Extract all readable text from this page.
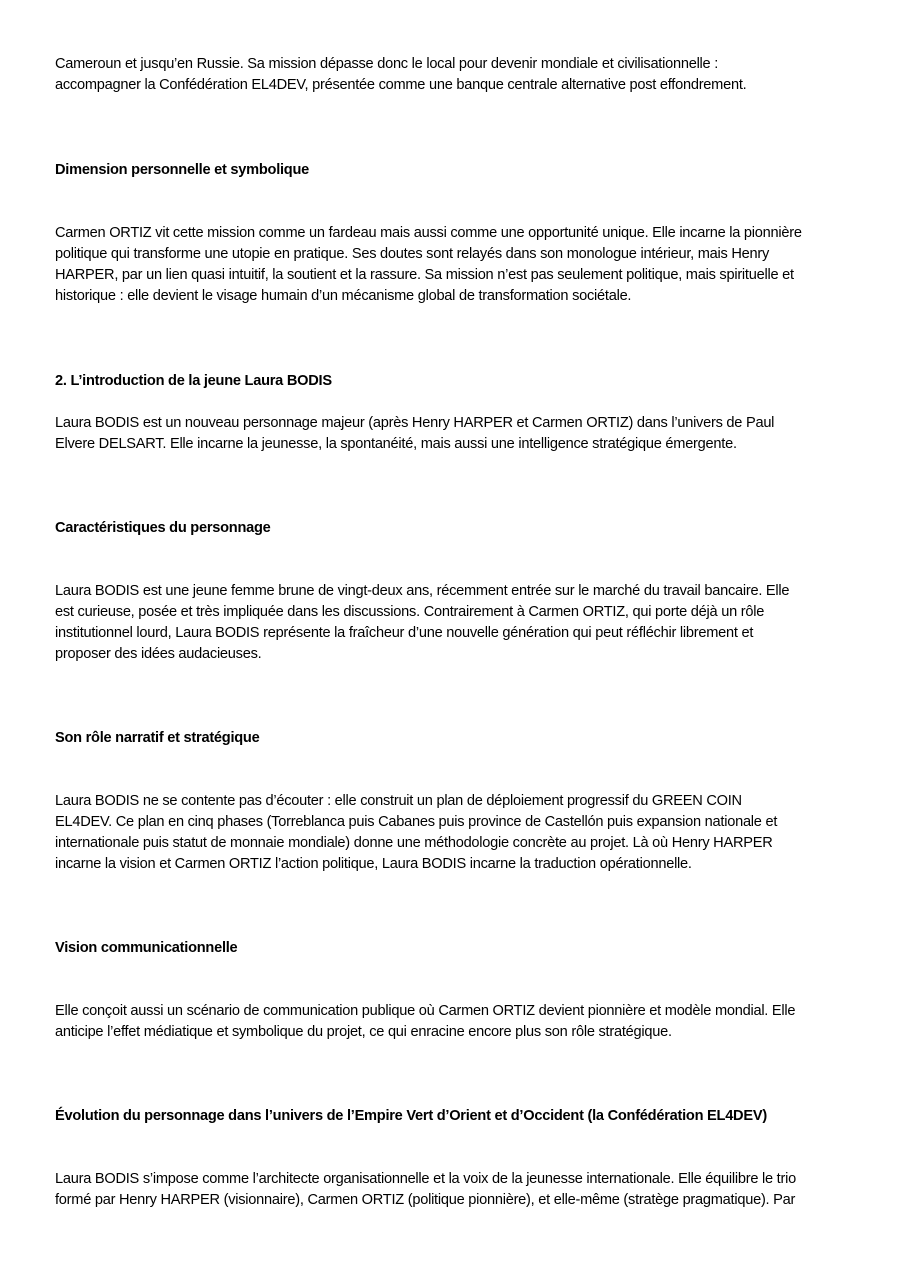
Cameroun et jusqu’en Russie. Sa mission dépasse donc le local pour devenir mondiale et civilisationnelle :
accompagner la Confédération EL4DEV, présentée comme une banque centrale alternative post effondrement.

Dimension personnelle et symbolique

Carmen ORTIZ vit cette mission comme un fardeau mais aussi comme une opportunité unique. Elle incarne la pionnière
politique qui transforme une utopie en pratique. Ses doutes sont relayés dans son monologue intérieur, mais Henry
HARPER, par un lien quasi intuitif, la soutient et la rassure. Sa mission n’est pas seulement politique, mais spirituelle et
historique : elle devient le visage humain d’un mécanisme global de transformation sociétale.

2. L’introduction de la jeune Laura BODIS

Laura BODIS est un nouveau personnage majeur (après Henry HARPER et Carmen ORTIZ) dans l’univers de Paul
Elvere DELSART. Elle incarne la jeunesse, la spontanéité, mais aussi une intelligence stratégique émergente.

Caractéristiques du personnage

Laura BODIS est une jeune femme brune de vingt-deux ans, récemment entrée sur le marché du travail bancaire. Elle
est curieuse, posée et très impliquée dans les discussions. Contrairement à Carmen ORTIZ, qui porte déjà un rôle
institutionnel lourd, Laura BODIS représente la fraîcheur d’une nouvelle génération qui peut réfléchir librement et
proposer des idées audacieuses.

Son rôle narratif et stratégique

Laura BODIS ne se contente pas d’écouter : elle construit un plan de déploiement progressif du GREEN COIN
EL4DEV. Ce plan en cinq phases (Torreblanca puis Cabanes puis province de Castellón puis expansion nationale et
internationale puis statut de monnaie mondiale) donne une méthodologie concrète au projet. Là où Henry HARPER
incarne la vision et Carmen ORTIZ l’action politique, Laura BODIS incarne la traduction opérationnelle.

Vision communicationnelle

Elle conçoit aussi un scénario de communication publique où Carmen ORTIZ devient pionnière et modèle mondial. Elle
anticipe l’effet médiatique et symbolique du projet, ce qui enracine encore plus son rôle stratégique.

Évolution du personnage dans l’univers de l’Empire Vert d’Orient et d’Occident (la Confédération EL4DEV)

Laura BODIS s’impose comme l’architecte organisationnelle et la voix de la jeunesse internationale. Elle équilibre le trio
formé par Henry HARPER (visionnaire), Carmen ORTIZ (politique pionnière), et elle-même (stratège pragmatique). Par
